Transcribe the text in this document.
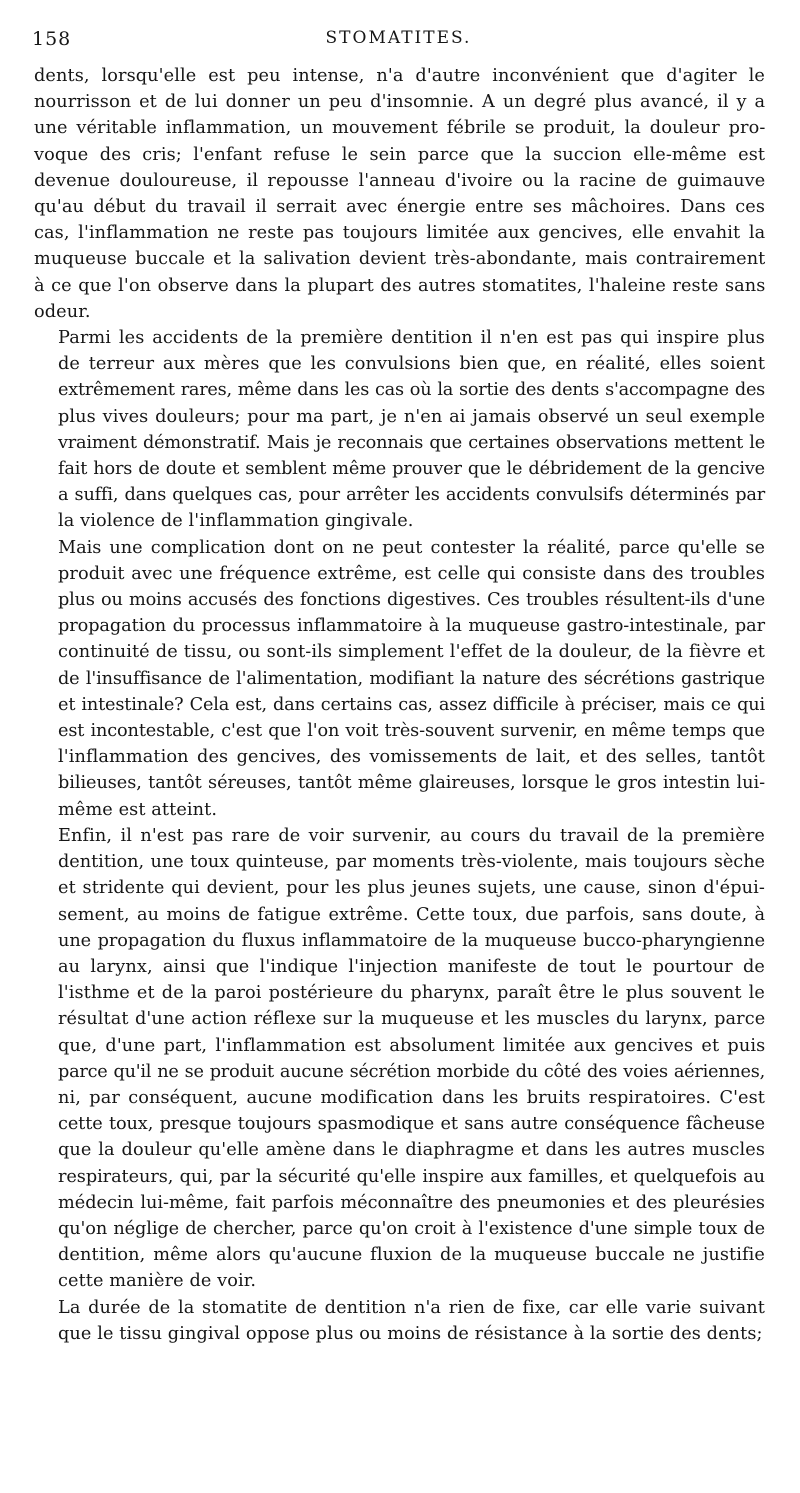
158	STOMATITES.
dents, lorsqu'elle est peu intense, n'a d'autre inconvénient que d'agiter le
nourrisson et de lui donner un peu d'insomnie. A un degré plus avancé, il y a
une véritable inflammation, un mouvement fébrile se produit, la douleur pro-
voque des cris; l'enfant refuse le sein parce que la succion elle-même est
devenue douloureuse, il repousse l'anneau d'ivoire ou la racine de guimauve
qu'au début du travail il serrait avec énergie entre ses mâchoires. Dans ces
cas, l'inflammation ne reste pas toujours limitée aux gencives, elle envahit la
muqueuse buccale et la salivation devient très-abondante, mais contrairement
à ce que l'on observe dans la plupart des autres stomatites, l'haleine reste sans
odeur.
Parmi les accidents de la première dentition il n'en est pas qui inspire plus
de terreur aux mères que les convulsions bien que, en réalité, elles soient
extrêmement rares, même dans les cas où la sortie des dents s'accompagne des
plus vives douleurs; pour ma part, je n'en ai jamais observé un seul exemple
vraiment démonstratif. Mais je reconnais que certaines observations mettent le
fait hors de doute et semblent même prouver que le débridement de la gencive
a suffi, dans quelques cas, pour arrêter les accidents convulsifs déterminés par
la violence de l'inflammation gingivale.
Mais une complication dont on ne peut contester la réalité, parce qu'elle se
produit avec une fréquence extrême, est celle qui consiste dans des troubles
plus ou moins accusés des fonctions digestives. Ces troubles résultent-ils d'une
propagation du processus inflammatoire à la muqueuse gastro-intestinale, par
continuité de tissu, ou sont-ils simplement l'effet de la douleur, de la fièvre et
de l'insuffisance de l'alimentation, modifiant la nature des sécrétions gastrique
et intestinale? Cela est, dans certains cas, assez difficile à préciser, mais ce qui
est incontestable, c'est que l'on voit très-souvent survenir, en même temps que
l'inflammation des gencives, des vomissements de lait, et des selles, tantôt
bilieuses, tantôt séreuses, tantôt même glaireuses, lorsque le gros intestin lui-
même est atteint.
Enfin, il n'est pas rare de voir survenir, au cours du travail de la première
dentition, une toux quinteuse, par moments très-violente, mais toujours sèche
et stridente qui devient, pour les plus jeunes sujets, une cause, sinon d'épui-
sement, au moins de fatigue extrême. Cette toux, due parfois, sans doute, à
une propagation du fluxus inflammatoire de la muqueuse bucco-pharyngienne
au larynx, ainsi que l'indique l'injection manifeste de tout le pourtour de
l'isthme et de la paroi postérieure du pharynx, paraît être le plus souvent le
résultat d'une action réflexe sur la muqueuse et les muscles du larynx, parce
que, d'une part, l'inflammation est absolument limitée aux gencives et puis
parce qu'il ne se produit aucune sécrétion morbide du côté des voies aériennes,
ni, par conséquent, aucune modification dans les bruits respiratoires. C'est
cette toux, presque toujours spasmodique et sans autre conséquence fâcheuse
que la douleur qu'elle amène dans le diaphragme et dans les autres muscles
respirateurs, qui, par la sécurité qu'elle inspire aux familles, et quelquefois au
médecin lui-même, fait parfois méconnaître des pneumonies et des pleurésies
qu'on néglige de chercher, parce qu'on croit à l'existence d'une simple toux de
dentition, même alors qu'aucune fluxion de la muqueuse buccale ne justifie
cette manière de voir.
La durée de la stomatite de dentition n'a rien de fixe, car elle varie suivant
que le tissu gingival oppose plus ou moins de résistance à la sortie des dents;
